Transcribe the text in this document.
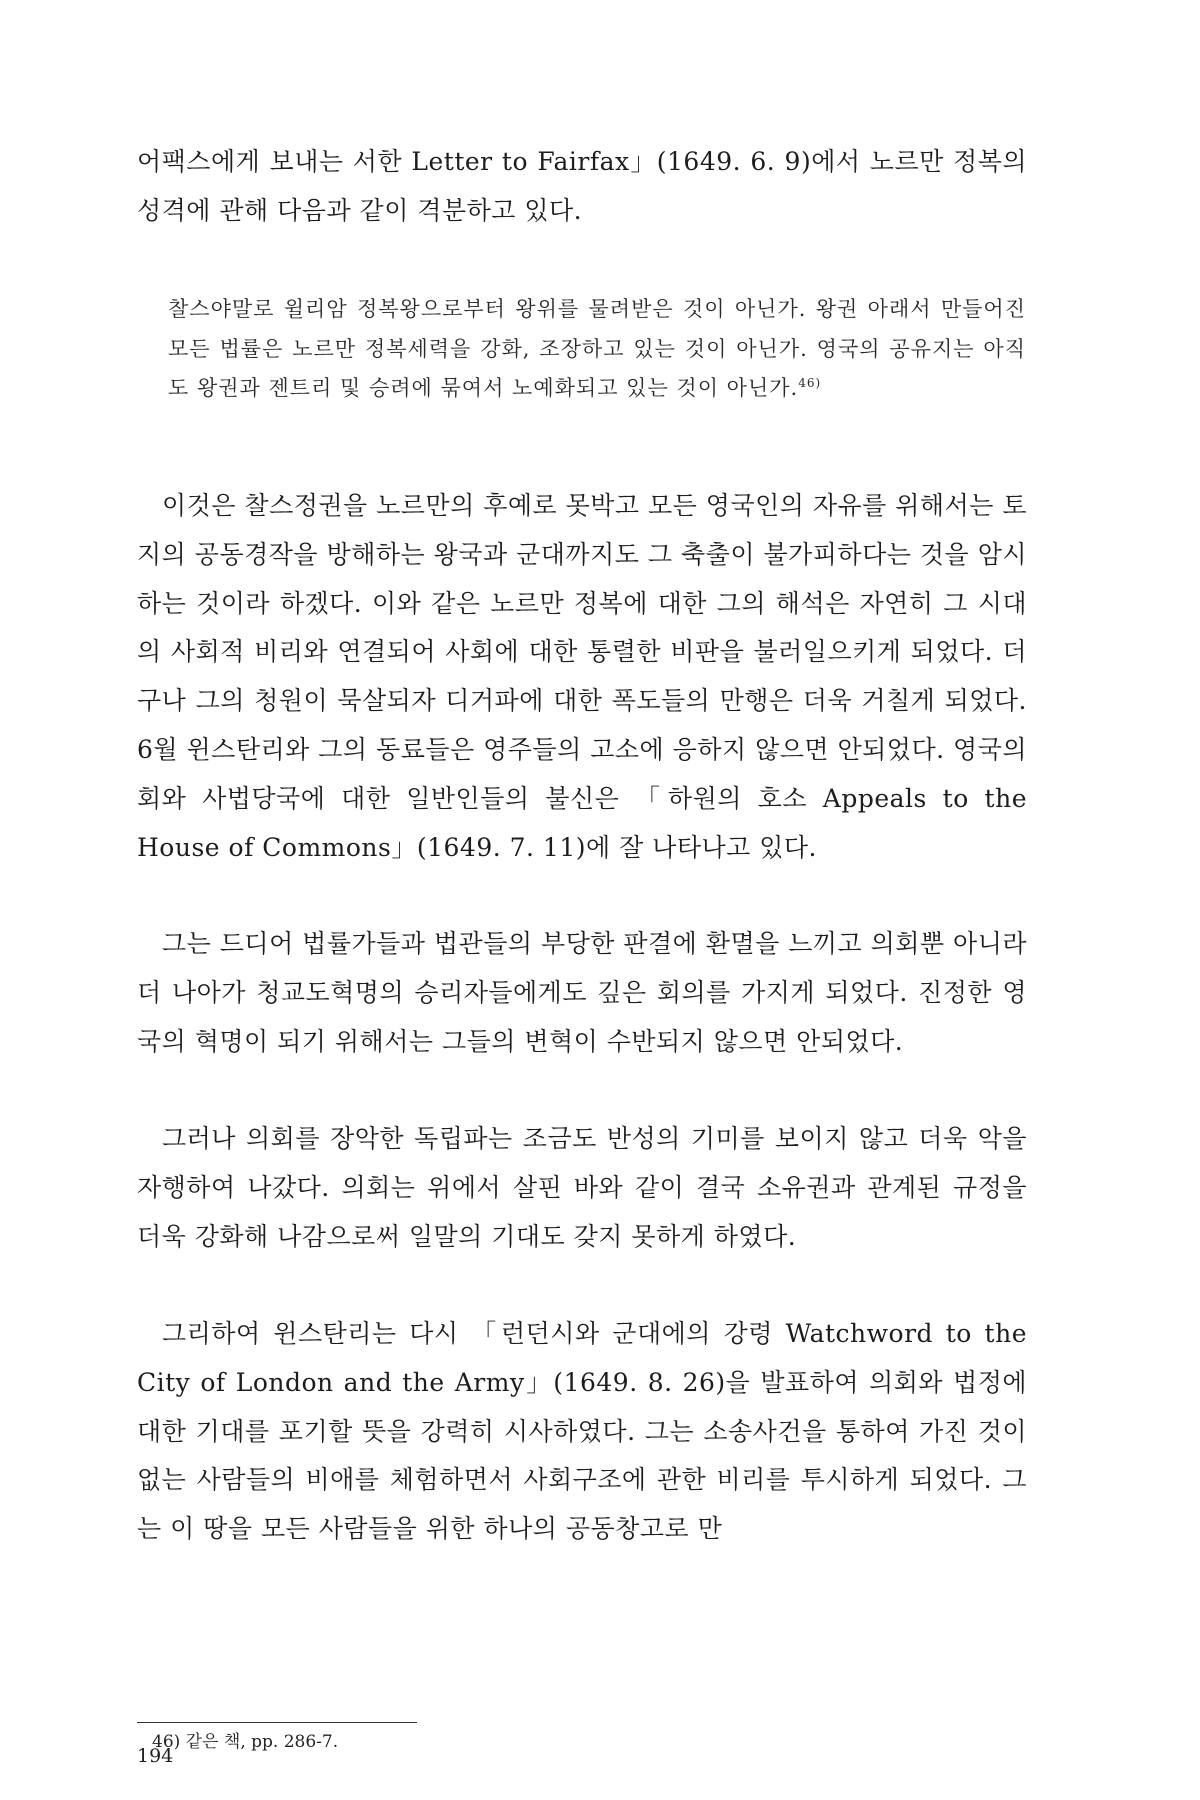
어팩스에게 보내는 서한 Letter to Fairfax」(1649. 6. 9)에서 노르만 정복의 성격에 관해 다음과 같이 격분하고 있다.

찰스야말로 윌리암 정복왕으로부터 왕위를 물려받은 것이 아닌가. 왕권 아래서 만들어진 모든 법률은 노르만 정복세력을 강화, 조장하고 있는 것이 아닌가. 영국의 공유지는 아직도 왕권과 젠트리 및 승려에 묶여서 노예화되고 있는 것이 아닌가.$^{46)}$

이것은 찰스정권을 노르만의 후예로 못박고 모든 영국인의 자유를 위해서는 토지의 공동경작을 방해하는 왕국과 군대까지도 그 축출이 불가피하다는 것을 암시하는 것이라 하겠다. 이와 같은 노르만 정복에 대한 그의 해석은 자연히 그 시대의 사회적 비리와 연결되어 사회에 대한 통렬한 비판을 불러일으키게 되었다. 더구나 그의 청원이 묵살되자 디거파에 대한 폭도들의 만행은 더욱 거칠게 되었다. 6월 윈스탄리와 그의 동료들은 영주들의 고소에 응하지 않으면 안되었다. 영국의회와 사법당국에 대한 일반인들의 불신은 「하원의 호소 Appeals to the House of Commons」(1649. 7. 11)에 잘 나타나고 있다.

그는 드디어 법률가들과 법관들의 부당한 판결에 환멸을 느끼고 의회뿐 아니라 더 나아가 청교도혁명의 승리자들에게도 깊은 회의를 가지게 되었다. 진정한 영국의 혁명이 되기 위해서는 그들의 변혁이 수반되지 않으면 안되었다.

그러나 의회를 장악한 독립파는 조금도 반성의 기미를 보이지 않고 더욱 악을 자행하여 나갔다. 의회는 위에서 살핀 바와 같이 결국 소유권과 관계된 규정을 더욱 강화해 나감으로써 일말의 기대도 갖지 못하게 하였다.

그리하여 윈스탄리는 다시 「런던시와 군대에의 강령 Watchword to the City of London and the Army」(1649. 8. 26)을 발표하여 의회와 법정에 대한 기대를 포기할 뜻을 강력히 시사하였다. 그는 소송사건을 통하여 가진 것이 없는 사람들의 비애를 체험하면서 사회구조에 관한 비리를 투시하게 되었다. 그는 이 땅을 모든 사람들을 위한 하나의 공동창고로 만

46) 같은 책, pp. 286-7.

194
